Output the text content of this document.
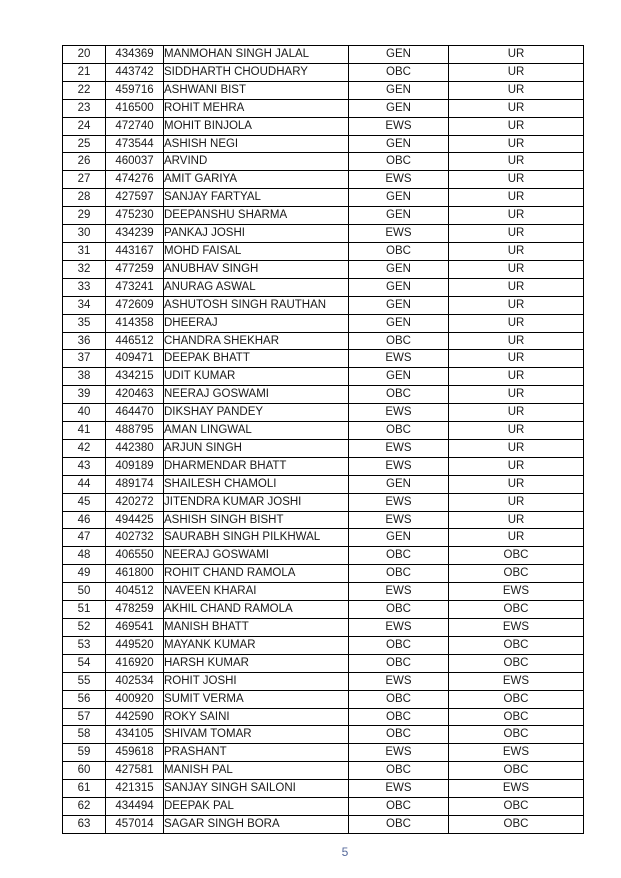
20	434369	MANMOHAN SINGH JALAL	GEN	UR
21	443742	SIDDHARTH CHOUDHARY	OBC	UR
22	459716	ASHWANI BIST	GEN	UR
23	416500	ROHIT MEHRA	GEN	UR
24	472740	MOHIT BINJOLA	EWS	UR
25	473544	ASHISH NEGI	GEN	UR
26	460037	ARVIND	OBC	UR
27	474276	AMIT GARIYA	EWS	UR
28	427597	SANJAY FARTYAL	GEN	UR
29	475230	DEEPANSHU SHARMA	GEN	UR
30	434239	PANKAJ JOSHI	EWS	UR
31	443167	MOHD FAISAL	OBC	UR
32	477259	ANUBHAV SINGH	GEN	UR
33	473241	ANURAG ASWAL	GEN	UR
34	472609	ASHUTOSH SINGH RAUTHAN	GEN	UR
35	414358	DHEERAJ	GEN	UR
36	446512	CHANDRA SHEKHAR	OBC	UR
37	409471	DEEPAK BHATT	EWS	UR
38	434215	UDIT KUMAR	GEN	UR
39	420463	NEERAJ GOSWAMI	OBC	UR
40	464470	DIKSHAY PANDEY	EWS	UR
41	488795	AMAN LINGWAL	OBC	UR
42	442380	ARJUN SINGH	EWS	UR
43	409189	DHARMENDAR BHATT	EWS	UR
44	489174	SHAILESH CHAMOLI	GEN	UR
45	420272	JITENDRA KUMAR JOSHI	EWS	UR
46	494425	ASHISH SINGH BISHT	EWS	UR
47	402732	SAURABH SINGH PILKHWAL	GEN	UR
48	406550	NEERAJ GOSWAMI	OBC	OBC
49	461800	ROHIT CHAND RAMOLA	OBC	OBC
50	404512	NAVEEN KHARAI	EWS	EWS
51	478259	AKHIL CHAND RAMOLA	OBC	OBC
52	469541	MANISH BHATT	EWS	EWS
53	449520	MAYANK KUMAR	OBC	OBC
54	416920	HARSH KUMAR	OBC	OBC
55	402534	ROHIT JOSHI	EWS	EWS
56	400920	SUMIT VERMA	OBC	OBC
57	442590	ROKY SAINI	OBC	OBC
58	434105	SHIVAM TOMAR	OBC	OBC
59	459618	PRASHANT	EWS	EWS
60	427581	MANISH PAL	OBC	OBC
61	421315	SANJAY SINGH SAILONI	EWS	EWS
62	434494	DEEPAK PAL	OBC	OBC
63	457014	SAGAR SINGH BORA	OBC	OBC
5
